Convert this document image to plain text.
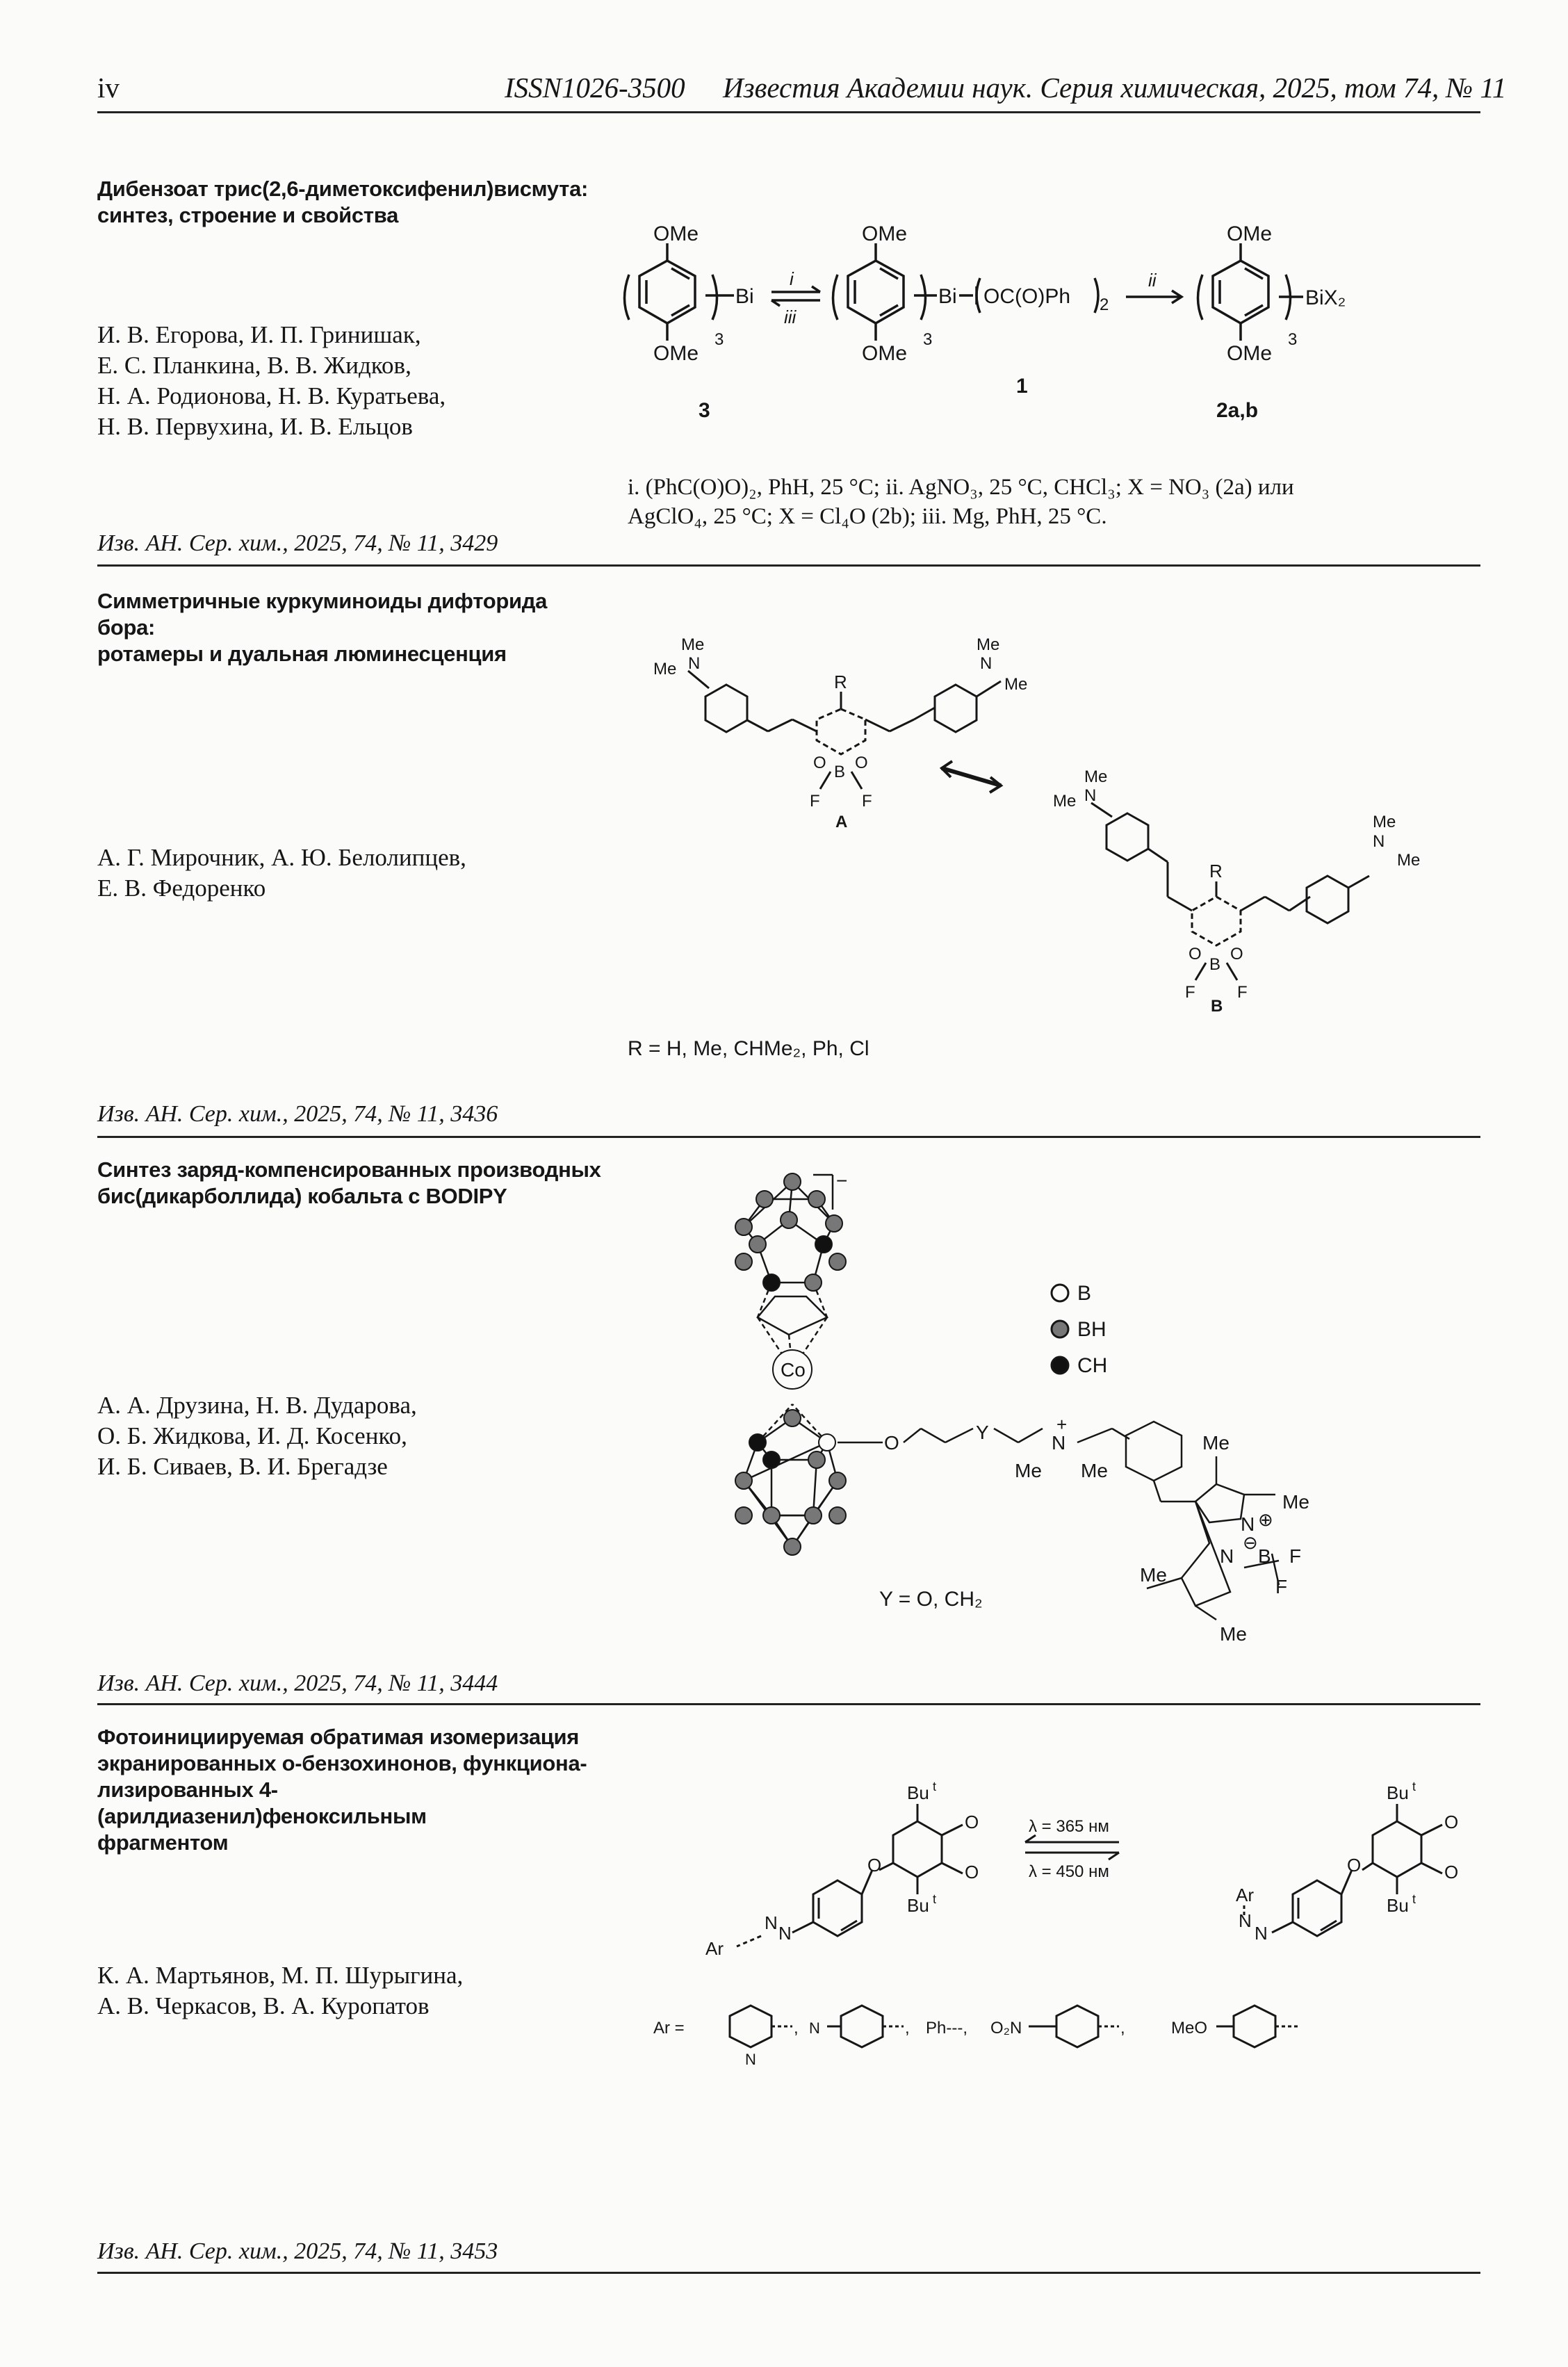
iv	ISSN1026-3500 Известия Академии наук. Серия химическая, 2025, том 74, № 11
Дибензоат трис(2,6-диметоксифенил)висмута:
синтез, строение и свойства
И. В. Егорова, И. П. Гринишак,
Е. С. Планкина, В. В. Жидков,
Н. А. Родионова, Н. В. Куратьева,
Н. В. Первухина, И. В. Ельцов
OMe
OMe
Bi
3
i
iii
3
OMe
OMe
Bi
3
OC(O)Ph 2
ii
1
OMe
OMe
BiX₂
3
2a,b
i. (PhC(O)O)₂, PhH, 25 °C; ii. AgNO₃, 25 °C, CHCl₃; X = NO₃ (2a) или
AgClO₄, 25 °C; X = Cl₄O (2b); iii. Mg, PhH, 25 °C.
Изв. АН. Сер. хим., 2025, 74, № 11, 3429
Симметричные куркуминоиды дифторида бора:
ротамеры и дуальная люминесценция
А. Г. Мирочник, А. Ю. Белолипцев,
Е. В. Федоренко
Me
N
Me
R
O B O
F	F
A
Me
N
Me
Me
N
Me
R
O
B
O
F	F
B
Me
N
Me
R = H, Me, CHMe₂, Ph, Cl
Изв. АН. Сер. хим., 2025, 74, № 11, 3436
Синтез заряд-компенсированных производных
бис(дикарболлида) кобальта с BODIPY
А. А. Друзина, Н. В. Дударова,
О. Б. Жидкова, И. Д. Косенко,
И. Б. Сиваев, В. И. Брегадзе
Co
−
B
BH
CH
O	Y	+
N
Me Me
Me
N ⊕
Me
⊖
B F
F
N
Me
Me
Y = O, CH₂
Изв. АН. Сер. хим., 2025, 74, № 11, 3444
Фотоинициируемая обратимая изомеризация
экранированных o-бензохинонов, функциона-
лизированных 4-(арилдиазенил)феноксильным
фрагментом
К. А. Мартьянов, М. П. Шурыгина,
А. В. Черкасов, В. А. Куропатов
Bu t
O
O
Bu t
O
N
N
Ar
λ = 365 нм
λ = 450 нм
Bu t
O
O
Bu t
O
Ar
N
N
Ar =
N
, N	, Ph---, O₂N	,	MeO
Изв. АН. Сер. хим., 2025, 74, № 11, 3453
